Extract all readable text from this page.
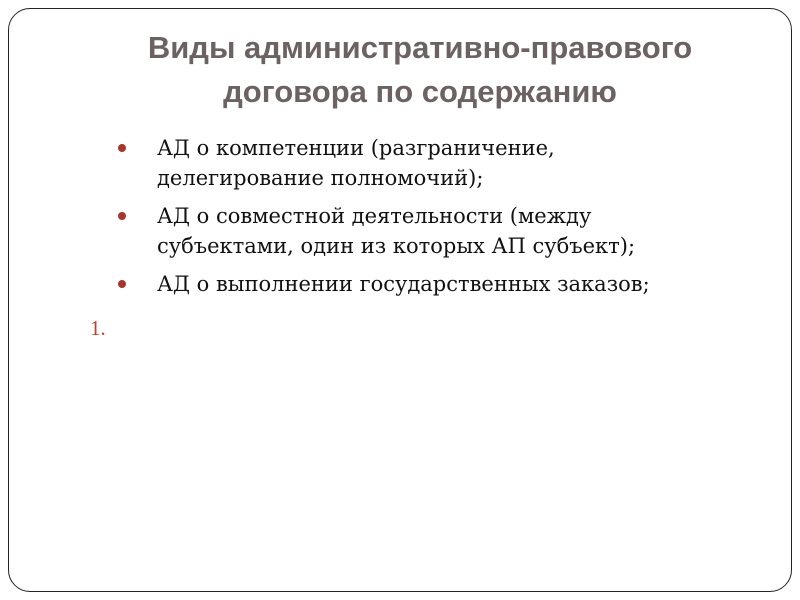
Виды административно-правового
договора по содержанию
АД о компетенции (разграничение,
делегирование полномочий);
АД о совместной деятельности (между
субъектами, один из которых АП субъект);
АД о выполнении государственных заказов;
1.
